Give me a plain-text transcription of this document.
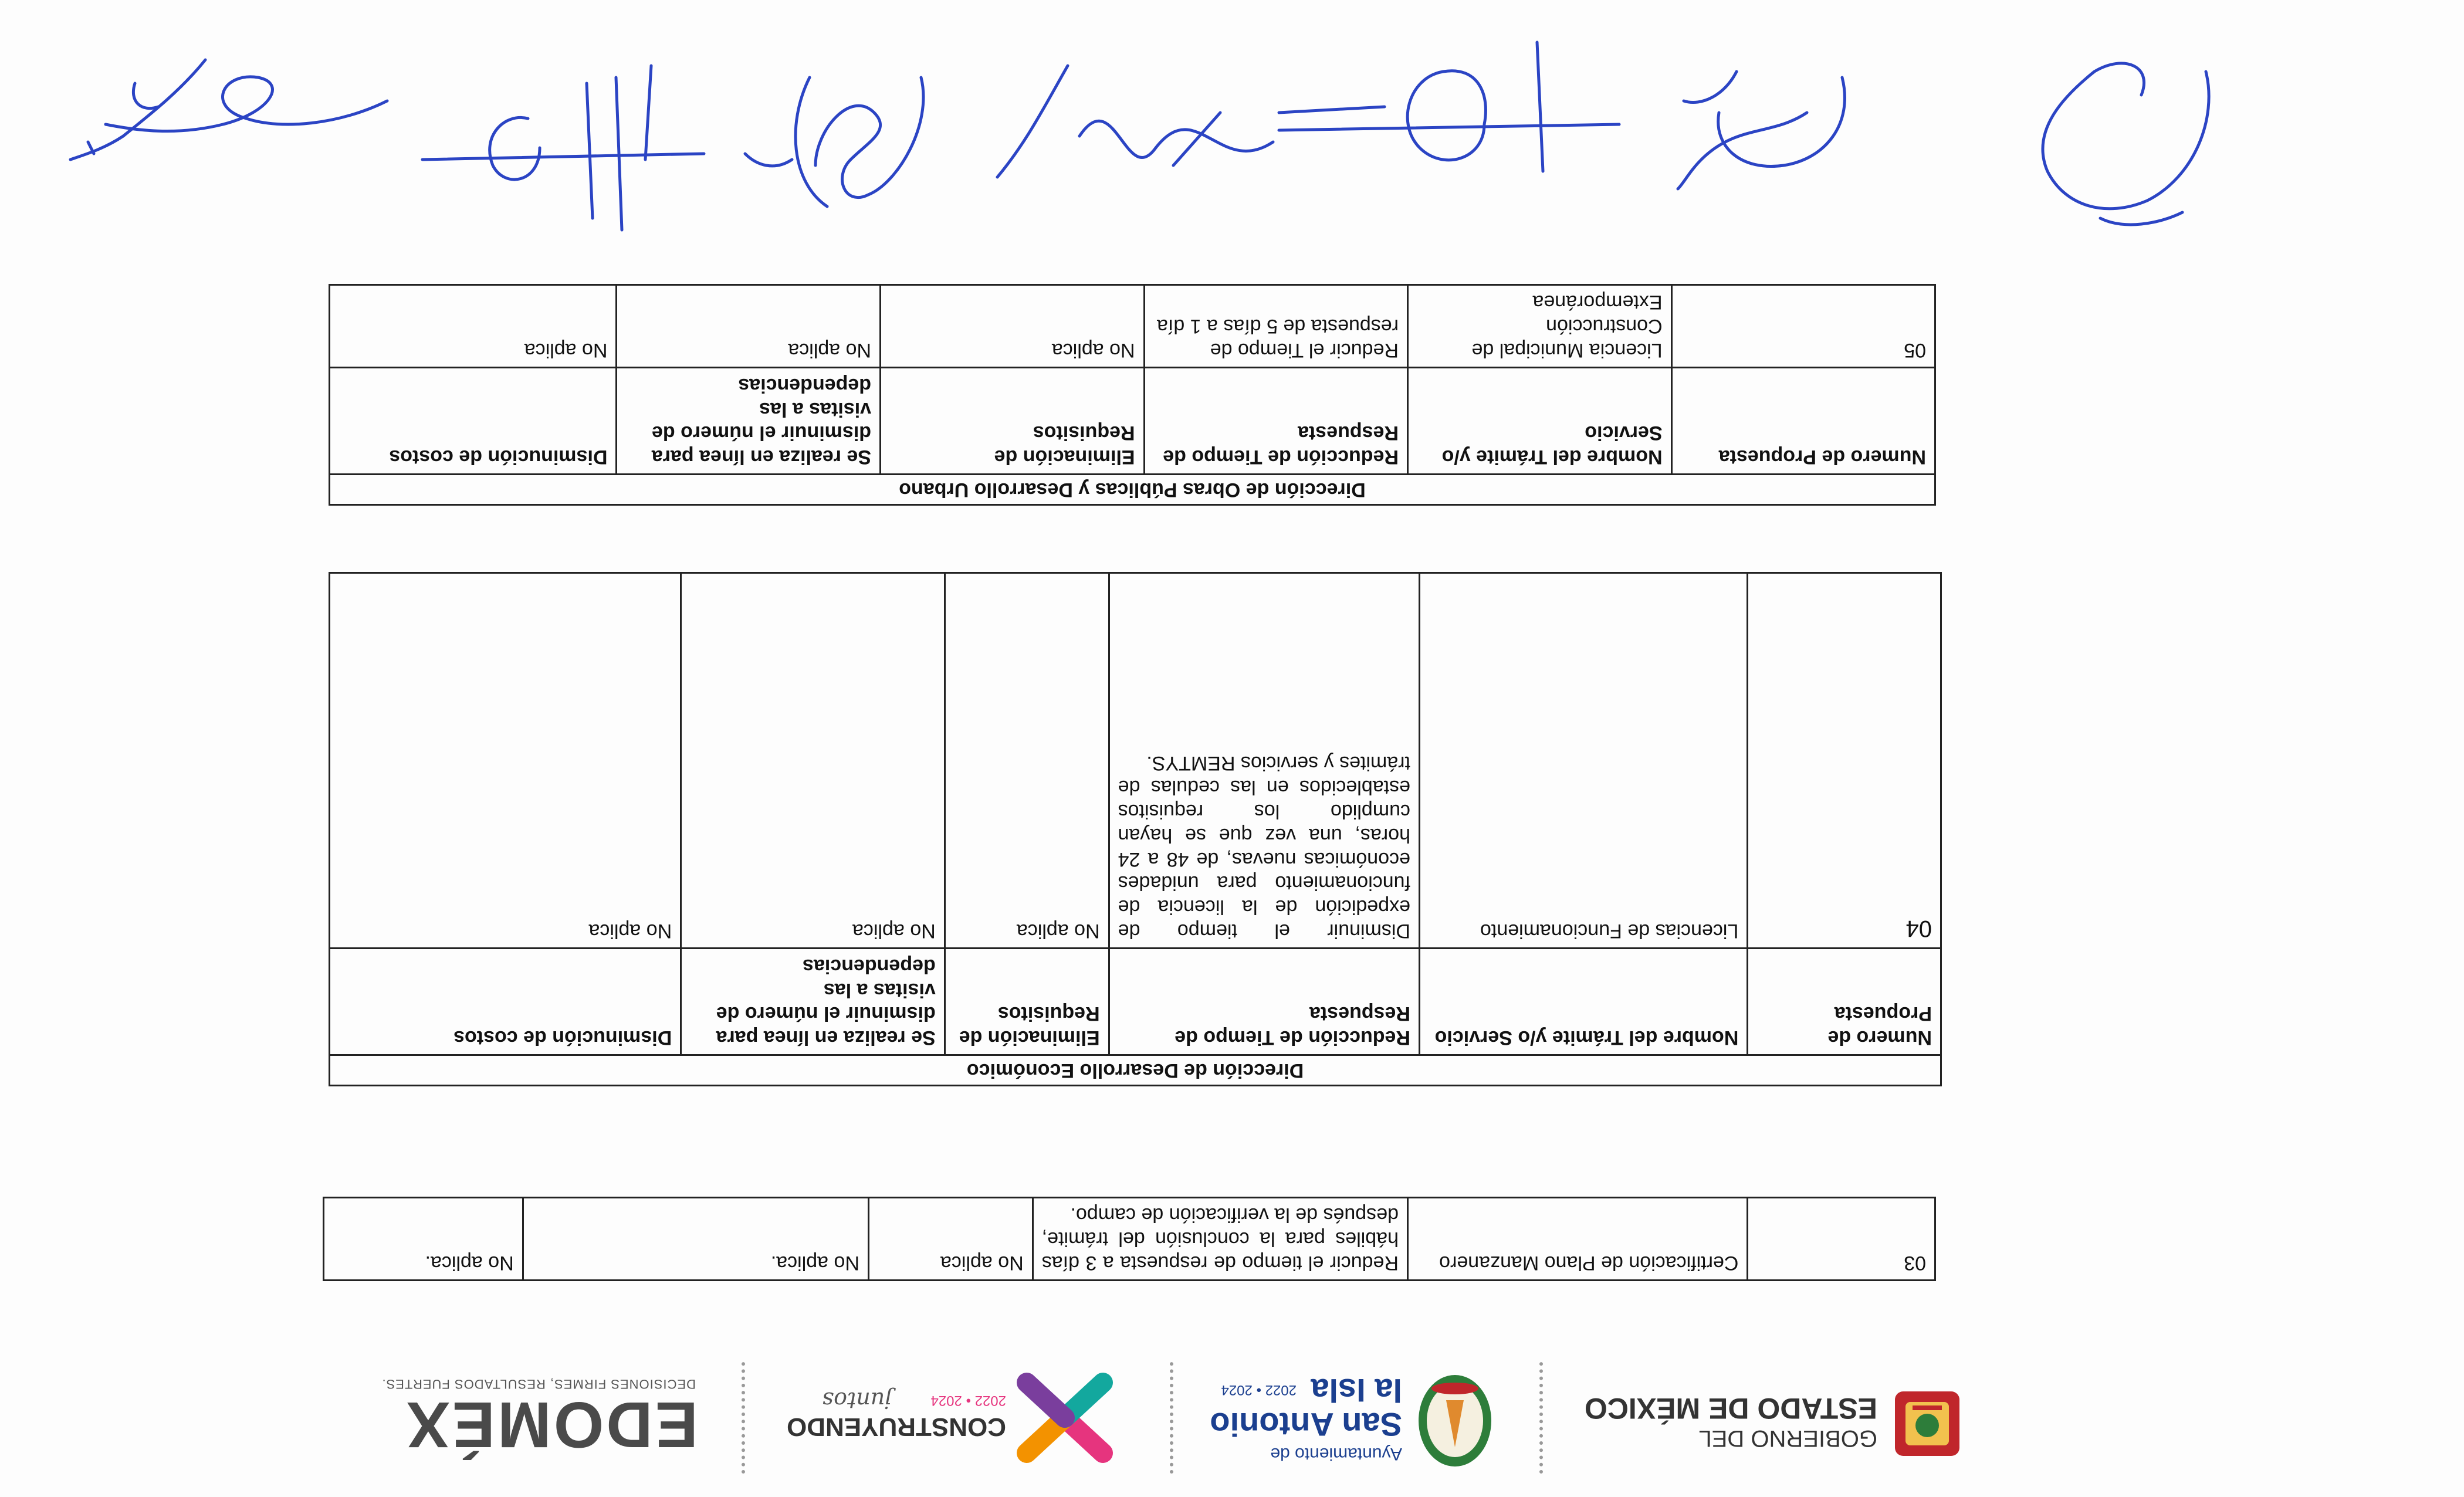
GOBIERNO DEL
ESTADO DE MÉXICO
Ayuntamiento de
San Antonio
la Isla
2022 • 2024
CONSTRUYENDO
2022 • 2024
juntos
EDOMÉX
DECISIONES FIRMES, RESULTADOS FUERTES.
03	Certificación de Plano Manzanero	Reducir el tiempo de respuesta a 3 días hábiles para la conclusión del trámite, después de la verificación de campo.	No aplica	No aplica.	No aplica.
Dirección de Desarrollo Económico					
Numero de Propuesta	Nombre del Trámite y/o Servicio	Reducción de Tiempo de Respuesta	Eliminación de Requisitos	Se realiza en línea para disminuir el número de visitas a las dependencias	Disminución de costos
04	Licencias de Funcionamiento	Disminuir el tiempo de expedición de la licencia de funcionamiento para unidades económicas nuevas, de 48 a 24 horas, una vez que se hayan cumplido los requisitos establecidos en las cedulas de trámites y servicios REMTYS.	No aplica	No aplica	No aplica
Dirección de Obras Públicas y Desarrollo Urbano					
Numero de Propuesta	Nombre del Trámite y/o Servicio	Reducción de Tiempo de Respuesta	Eliminación de Requisitos	Se realiza en línea para disminuir el número de visitas a las dependencias	Disminución de costos
05	Licencia Municipal de Construcción Extemporánea	Reducir el Tiempo de respuesta de 5 días a 1 día	No aplica	No aplica	No aplica
